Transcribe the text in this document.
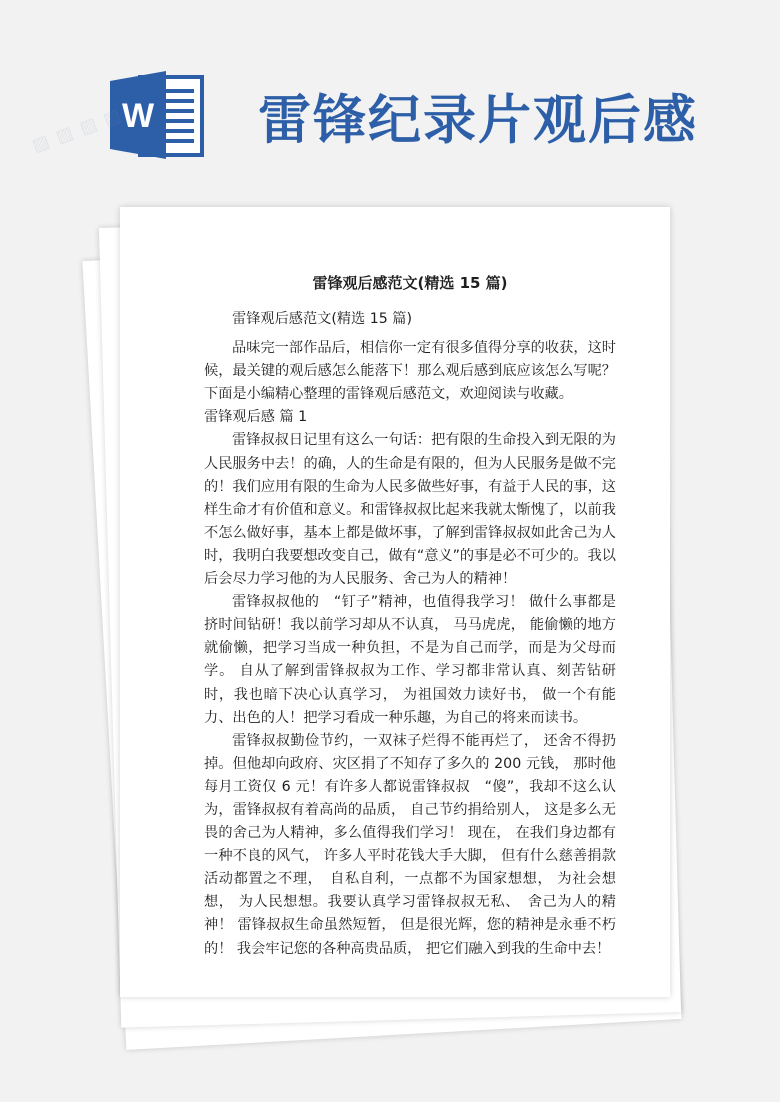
W 雷锋纪录片观后感
▨ ▨ ▨ ▨
雷锋观后感范文(精选 15 篇)

雷锋观后感范文(精选 15 篇)

品味完一部作品后，相信你一定有很多值得分享的收获，这时候，最关键的观后感怎么能落下！那么观后感到底应该怎么写呢？下面是小编精心整理的雷锋观后感范文，欢迎阅读与收藏。

雷锋观后感 篇 1

雷锋叔叔日记里有这么一句话：把有限的生命投入到无限的为人民服务中去！的确，人的生命是有限的，但为人民服务是做不完的！我们应用有限的生命为人民多做些好事，有益于人民的事，这样生命才有价值和意义。和雷锋叔叔比起来我就太惭愧了，以前我不怎么做好事，基本上都是做坏事，了解到雷锋叔叔如此舍己为人时，我明白我要想改变自己，做有“意义”的事是必不可少的。我以后会尽力学习他的为人民服务、舍己为人的精神！

雷锋叔叔他的　“钉子”精神，也值得我学习！ 做什么事都是挤时间钻研！我以前学习却从不认真， 马马虎虎， 能偷懒的地方就偷懒，把学习当成一种负担，不是为自己而学，而是为父母而学。 自从了解到雷锋叔叔为工作、学习都非常认真、刻苦钻研时，我也暗下决心认真学习， 为祖国效力读好书， 做一个有能力、出色的人！把学习看成一种乐趣，为自己的将来而读书。

雷锋叔叔勤俭节约，一双袜子烂得不能再烂了， 还舍不得扔掉。但他却向政府、灾区捐了不知存了多久的 200 元钱， 那时他每月工资仅 6 元！有许多人都说雷锋叔叔　“傻”，我却不这么认为，雷锋叔叔有着高尚的品质， 自己节约捐给别人， 这是多么无畏的舍己为人精神，多么值得我们学习！ 现在， 在我们身边都有一种不良的风气， 许多人平时花钱大手大脚， 但有什么慈善捐款活动都置之不理，　自私自利，一点都不为国家想想， 为社会想想， 为人民想想。我要认真学习雷锋叔叔无私、　舍己为人的精神！ 雷锋叔叔生命虽然短暂， 但是很光辉，您的精神是永垂不朽的！ 我会牢记您的各种高贵品质， 把它们融入到我的生命中去！
